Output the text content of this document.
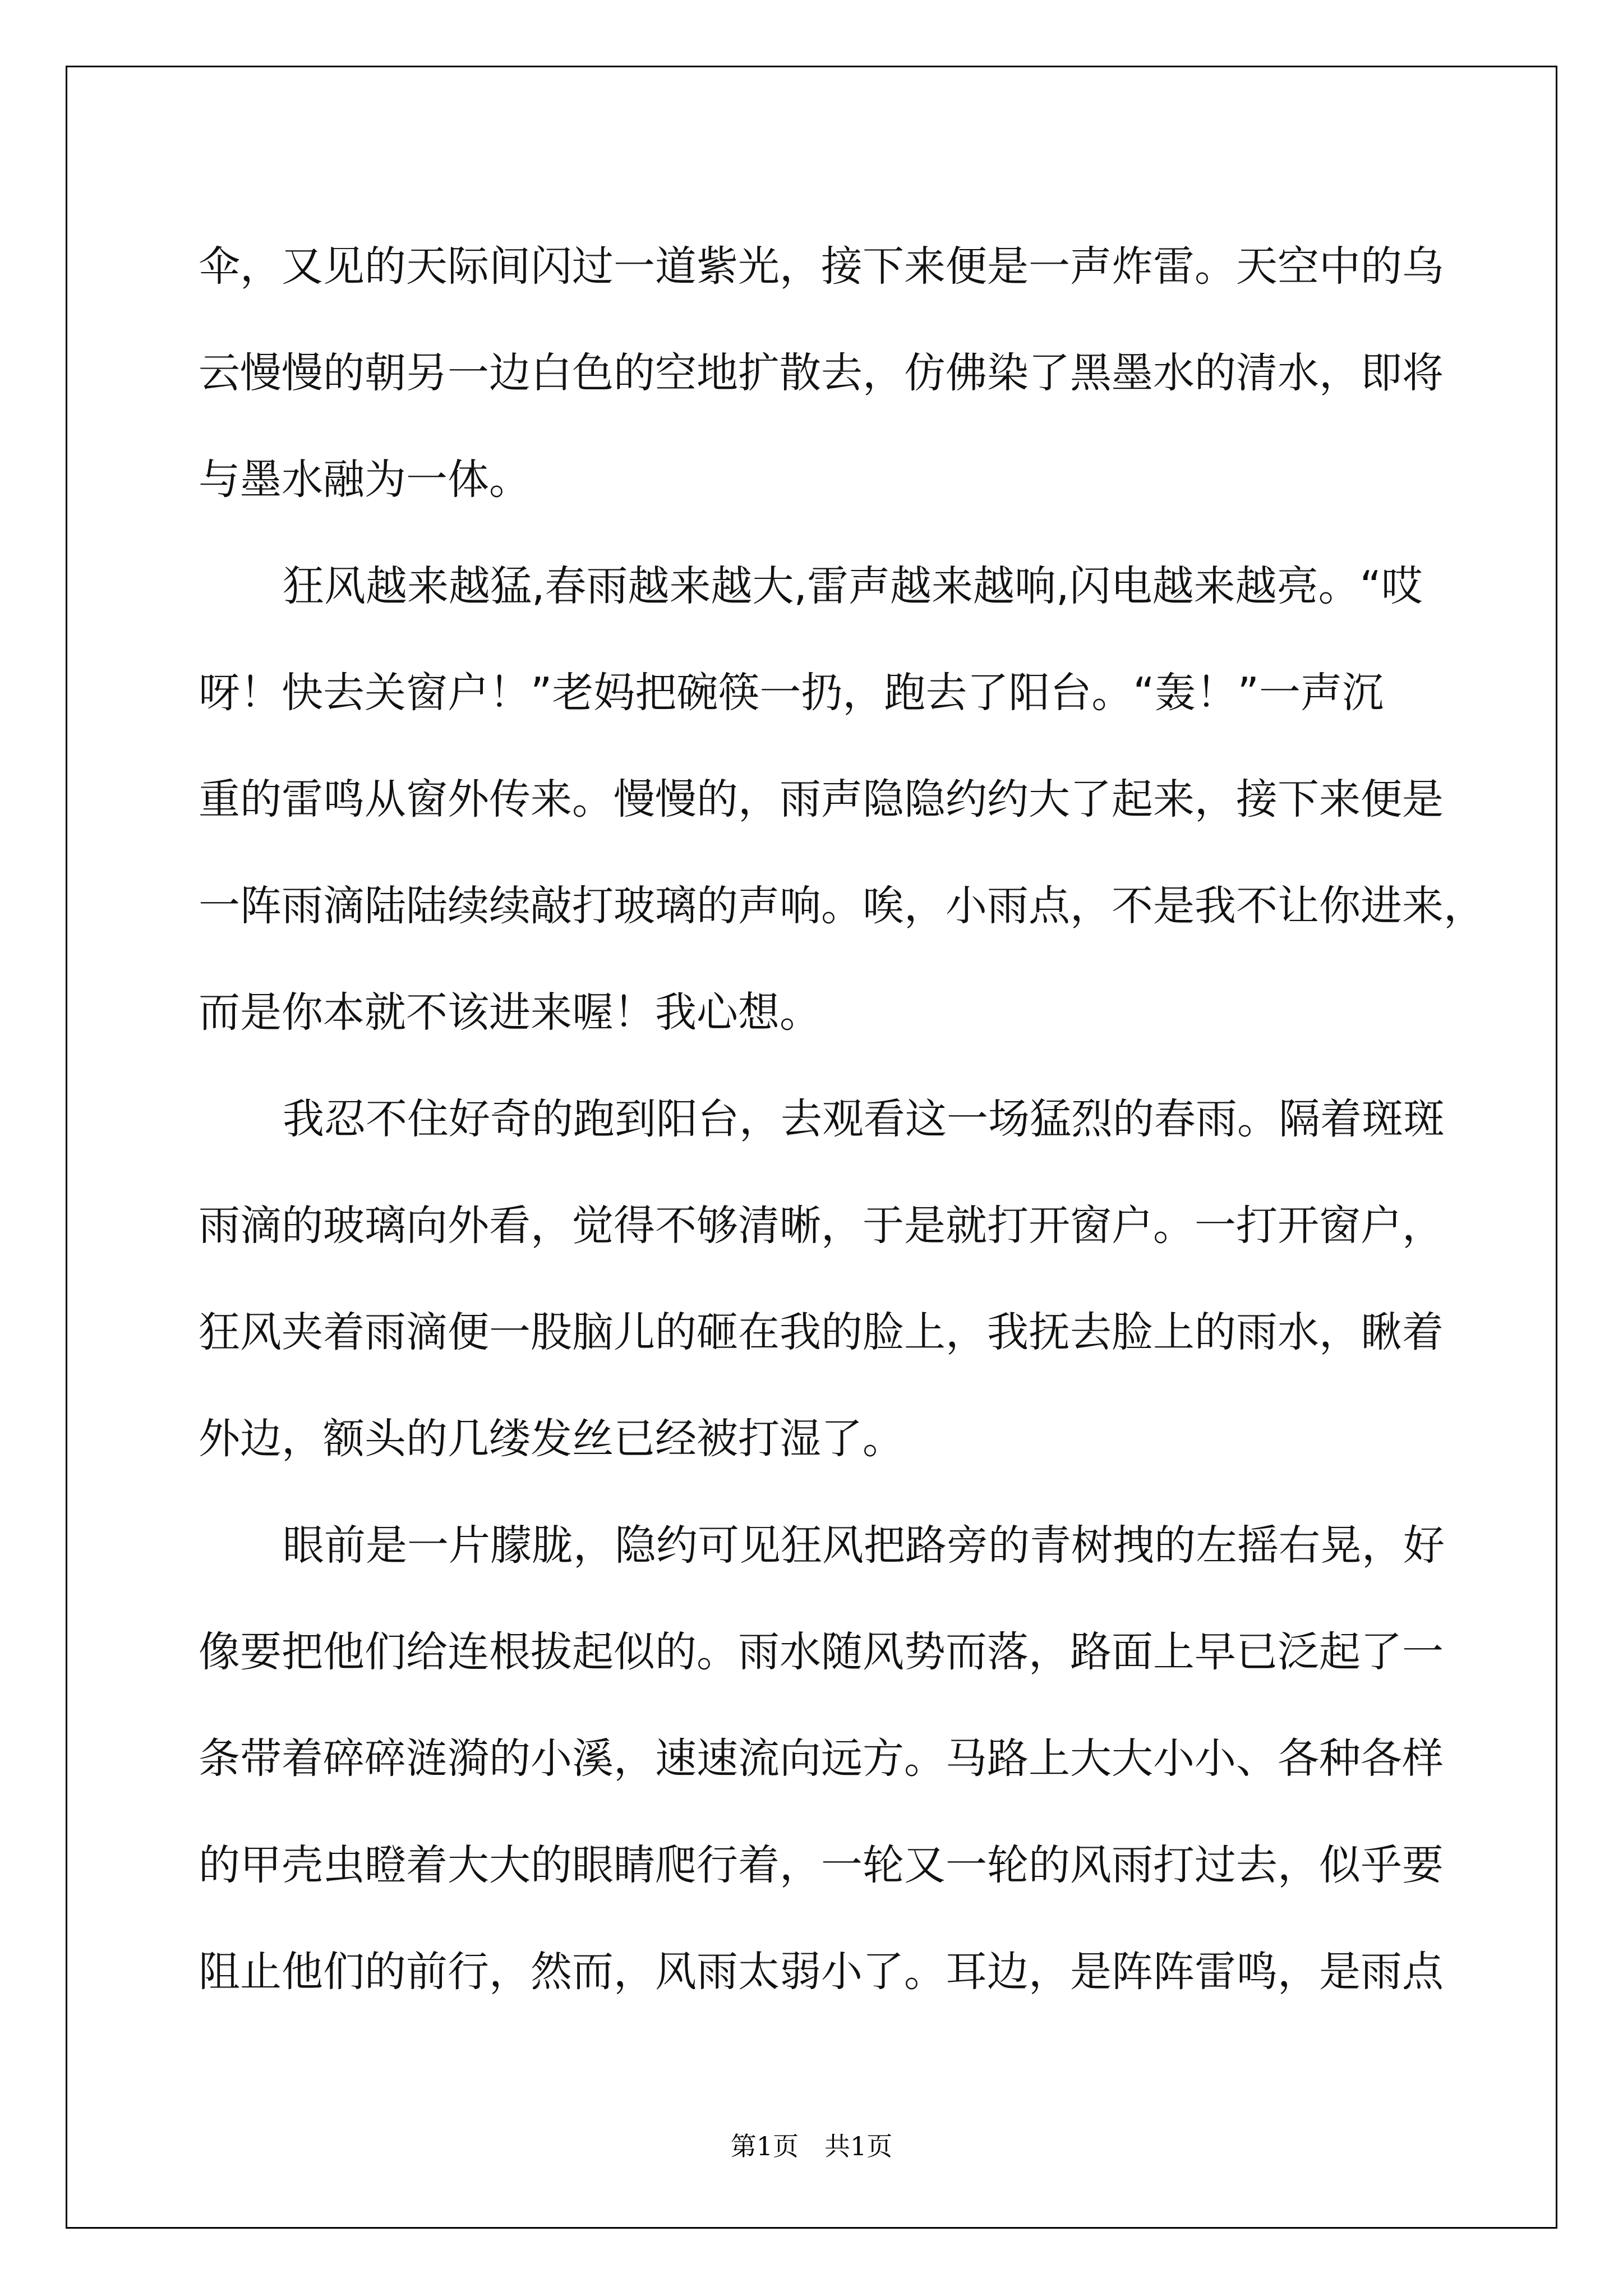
伞，又见的天际间闪过一道紫光，接下来便是一声炸雷。天空中的乌
云慢慢的朝另一边白色的空地扩散去，仿佛染了黑墨水的清水，即将
与墨水融为一体。
狂风越来越猛,春雨越来越大,雷声越来越响,闪电越来越亮。“哎
呀！快去关窗户！”老妈把碗筷一扔，跑去了阳台。“轰！”一声沉
重的雷鸣从窗外传来。慢慢的，雨声隐隐约约大了起来，接下来便是
一阵雨滴陆陆续续敲打玻璃的声响。唉，小雨点，不是我不让你进来，
而是你本就不该进来喔！我心想。
我忍不住好奇的跑到阳台，去观看这一场猛烈的春雨。隔着斑斑
雨滴的玻璃向外看，觉得不够清晰，于是就打开窗户。一打开窗户，
狂风夹着雨滴便一股脑儿的砸在我的脸上，我抚去脸上的雨水，瞅着
外边，额头的几缕发丝已经被打湿了。
眼前是一片朦胧，隐约可见狂风把路旁的青树拽的左摇右晃，好
像要把他们给连根拔起似的。雨水随风势而落，路面上早已泛起了一
条带着碎碎涟漪的小溪，速速流向远方。马路上大大小小、各种各样
的甲壳虫瞪着大大的眼睛爬行着，一轮又一轮的风雨打过去，似乎要
阻止他们的前行，然而，风雨太弱小了。耳边，是阵阵雷鸣，是雨点
第1页 共1页
